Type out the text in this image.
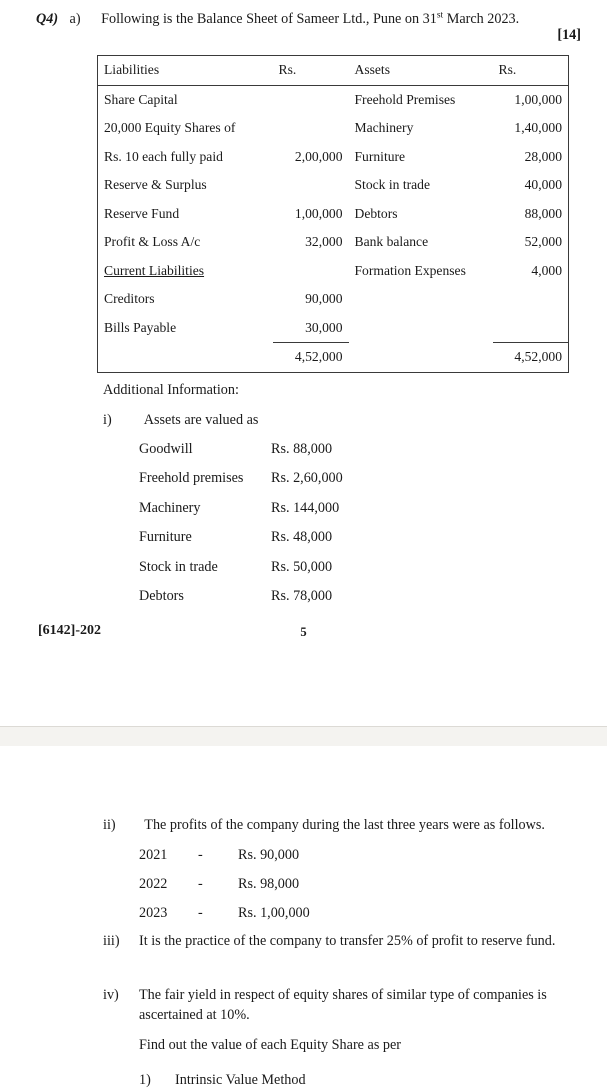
Q4) a) Following is the Balance Sheet of Sameer Ltd., Pune on 31st March 2023.
[14]
Liabilities	Rs.	Assets	Rs.
Share Capital		Freehold Premises	1,00,000
20,000 Equity Shares of		Machinery	1,40,000
Rs. 10 each fully paid	2,00,000	Furniture	28,000
Reserve & Surplus		Stock in trade	40,000
Reserve Fund	1,00,000	Debtors	88,000
Profit & Loss A/c	32,000	Bank balance	52,000
Current Liabilities		Formation Expenses	4,000
Creditors	90,000		
Bills Payable	30,000		
	4,52,000		4,52,000
Additional Information:
i) Assets are valued as
Goodwill	Rs. 88,000
Freehold premises Rs. 2,60,000
Machinery	Rs. 144,000
Furniture	Rs. 48,000
Stock in trade	Rs. 50,000
Debtors	Rs. 78,000
[6142]-202	5
ii) The profits of the company during the last three years were as follows.
2021 - Rs. 90,000
2022 - Rs. 98,000
2023 - Rs. 1,00,000
iii)	It is the practice of the company to transfer 25% of profit to reserve fund.
iv)	The fair yield in respect of equity shares of similar type of companies is ascertained at 10%.
Find out the value of each Equity Share as per
1) Intrinsic Value Method
